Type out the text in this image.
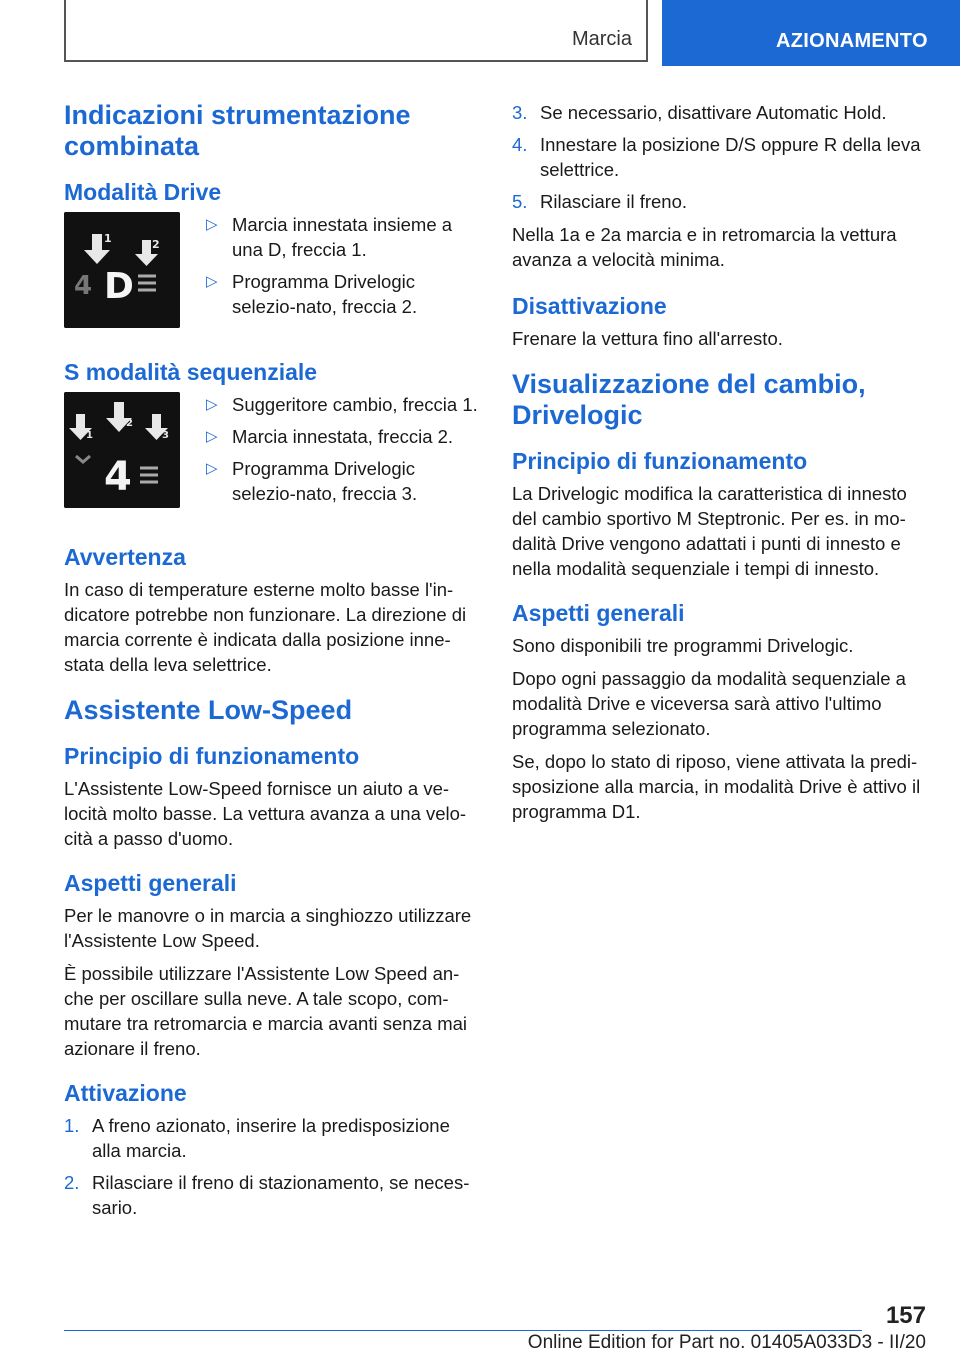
Marcia	AZIONAMENTO
Indicazioni strumentazione combinata
Modalità Drive
1	2
4 D
▷ Marcia innestata insieme a una D, freccia 1.
▷ Programma Drivelogic selezio-nato, freccia 2.
S modalità sequenziale
1
2
3
4
▷ Suggeritore cambio, freccia 1.
▷ Marcia innestata, freccia 2.
▷ Programma Drivelogic selezio-nato, freccia 3.
Avvertenza

In caso di temperature esterne molto basse l'in-dicatore potrebbe non funzionare. La direzione di marcia corrente è indicata dalla posizione inne-stata della leva selettrice.

Assistente Low-Speed
Principio di funzionamento

L'Assistente Low-Speed fornisce un aiuto a ve-locità molto basse. La vettura avanza a una velo-cità a passo d'uomo.

Aspetti generali

Per le manovre o in marcia a singhiozzo utilizzare l'Assistente Low Speed.

È possibile utilizzare l'Assistente Low Speed an-che per oscillare sulla neve. A tale scopo, com-mutare tra retromarcia e marcia avanti senza mai azionare il freno.

Attivazione
1. A freno azionato, inserire la predisposizione alla marcia.
2. Rilasciare il freno di stazionamento, se neces-sario.
3. Se necessario, disattivare Automatic Hold.
4. Innestare la posizione D/S oppure R della leva selettrice.
5. Rilasciare il freno.

Nella 1a e 2a marcia e in retromarcia la vettura avanza a velocità minima.

Disattivazione

Frenare la vettura fino all'arresto.

Visualizzazione del cambio, Drivelogic
Principio di funzionamento

La Drivelogic modifica la caratteristica di innesto del cambio sportivo M Steptronic. Per es. in mo-dalità Drive vengono adattati i punti di innesto e nella modalità sequenziale i tempi di innesto.

Aspetti generali

Sono disponibili tre programmi Drivelogic.

Dopo ogni passaggio da modalità sequenziale a modalità Drive e viceversa sarà attivo l'ultimo programma selezionato.

Se, dopo lo stato di riposo, viene attivata la predi-sposizione alla marcia, in modalità Drive è attivo il programma D1.

157
Online Edition for Part no. 01405A033D3 - II/20
